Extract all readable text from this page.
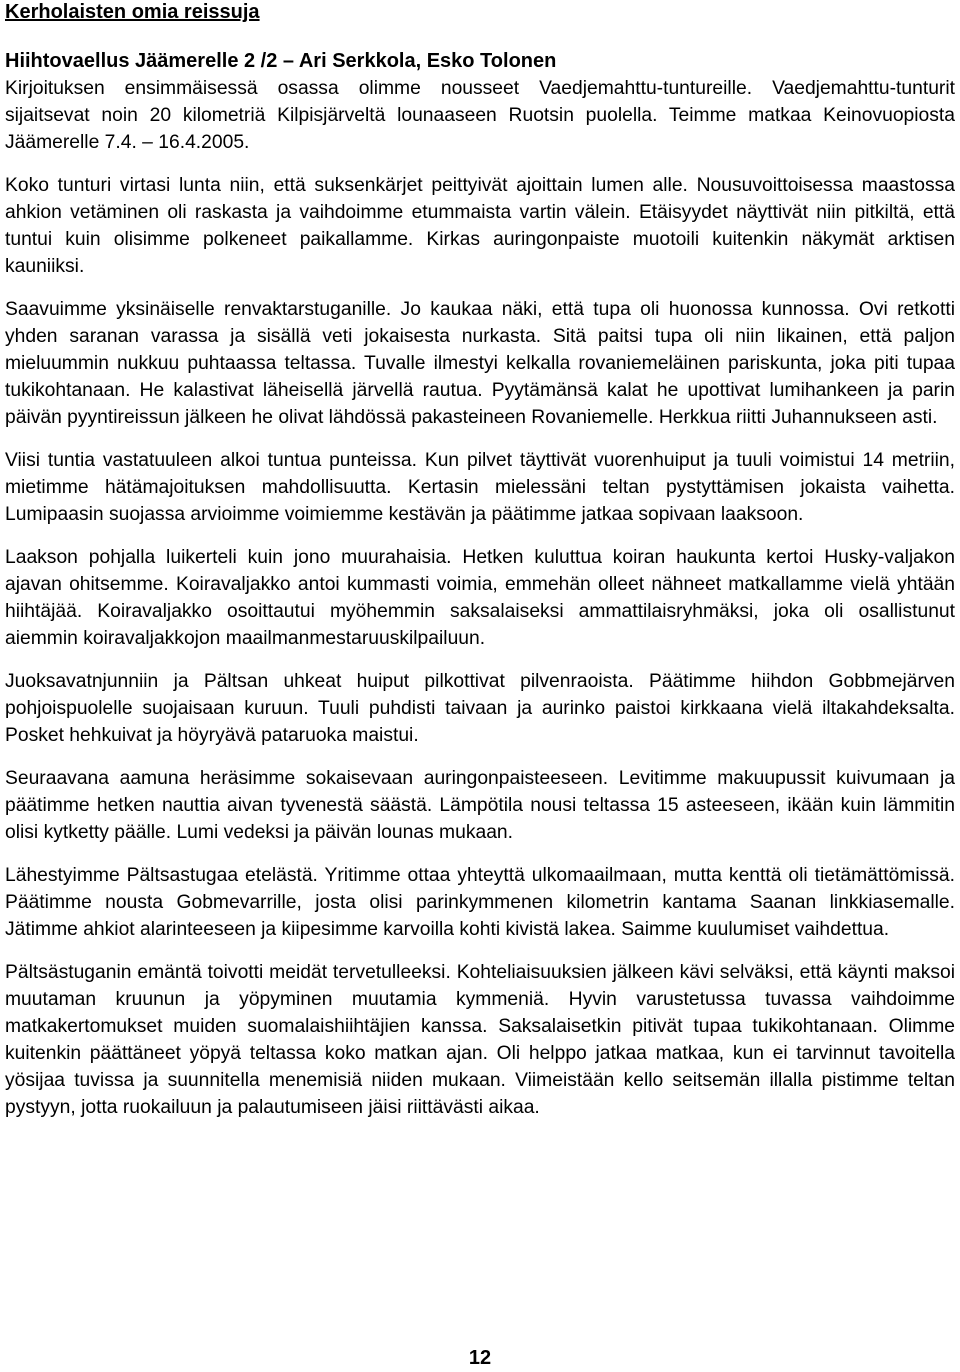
Kerholaisten omia reissuja
Hiihtovaellus Jäämerelle 2 /2 – Ari Serkkola, Esko Tolonen

Kirjoituksen ensimmäisessä osassa olimme nousseet Vaedjemahttu-tuntureille. Vaedjemahttu-tunturit sijaitsevat noin 20 kilometriä Kilpisjärveltä lounaaseen Ruotsin puolella. Teimme matkaa Keinovuopiosta Jäämerelle 7.4. – 16.4.2005.

Koko tunturi virtasi lunta niin, että suksenkärjet peittyivät ajoittain lumen alle. Nousuvoittoisessa maastossa ahkion vetäminen oli raskasta ja vaihdoimme etummaista vartin välein. Etäisyydet näyttivät niin pitkiltä, että tuntui kuin olisimme polkeneet paikallamme. Kirkas auringonpaiste muotoili kuitenkin näkymät arktisen kauniiksi.

Saavuimme yksinäiselle renvaktarstuganille. Jo kaukaa näki, että tupa oli huonossa kunnossa. Ovi retkotti yhden saranan varassa ja sisällä veti jokaisesta nurkasta. Sitä paitsi tupa oli niin likainen, että paljon mieluummin nukkuu puhtaassa teltassa. Tuvalle ilmestyi kelkalla rovaniemeläinen pariskunta, joka piti tupaa tukikohtanaan. He kalastivat läheisellä järvellä rautua. Pyytämänsä kalat he upottivat lumihankeen ja parin päivän pyyntireissun jälkeen he olivat lähdössä pakasteineen Rovaniemelle. Herkkua riitti Juhannukseen asti.

Viisi tuntia vastatuuleen alkoi tuntua punteissa. Kun pilvet täyttivät vuorenhuiput ja tuuli voimistui 14 metriin, mietimme hätämajoituksen mahdollisuutta. Kertasin mielessäni teltan pystyttämisen jokaista vaihetta. Lumipaasin suojassa arvioimme voimiemme kestävän ja päätimme jatkaa sopivaan laaksoon.

Laakson pohjalla luikerteli kuin jono muurahaisia. Hetken kuluttua koiran haukunta kertoi Husky-valjakon ajavan ohitsemme. Koiravaljakko antoi kummasti voimia, emmehän olleet nähneet matkallamme vielä yhtään hiihtäjää. Koiravaljakko osoittautui myöhemmin saksalaiseksi ammattilaisryhmäksi, joka oli osallistunut aiemmin koiravaljakkojon maailmanmestaruuskilpailuun.

Juoksavatnjunniin ja Pältsan uhkeat huiput pilkottivat pilvenraoista. Päätimme hiihdon Gobbmejärven pohjoispuolelle suojaisaan kuruun. Tuuli puhdisti taivaan ja aurinko paistoi kirkkaana vielä iltakahdeksalta. Posket hehkuivat ja höyryävä pataruoka maistui.

Seuraavana aamuna heräsimme sokaisevaan auringonpaisteeseen. Levitimme makuupussit kuivumaan ja päätimme hetken nauttia aivan tyvenestä säästä. Lämpötila nousi teltassa 15 asteeseen, ikään kuin lämmitin olisi kytketty päälle. Lumi vedeksi ja päivän lounas mukaan.

Lähestyimme Pältsastugaa etelästä. Yritimme ottaa yhteyttä ulkomaailmaan, mutta kenttä oli tietämättömissä. Päätimme nousta Gobmevarrille, josta olisi parinkymmenen kilometrin kantama Saanan linkkiasemalle. Jätimme ahkiot alarinteeseen ja kiipesimme karvoilla kohti kivistä lakea. Saimme kuulumiset vaihdettua.

Pältsästuganin emäntä toivotti meidät tervetulleeksi. Kohteliaisuuksien jälkeen kävi selväksi, että käynti maksoi muutaman kruunun ja yöpyminen muutamia kymmeniä. Hyvin varustetussa tuvassa vaihdoimme matkakertomukset muiden suomalaishiihtäjien kanssa. Saksalaisetkin pitivät tupaa tukikohtanaan. Olimme kuitenkin päättäneet yöpyä teltassa koko matkan ajan. Oli helppo jatkaa matkaa, kun ei tarvinnut tavoitella yösijaa tuvissa ja suunnitella menemisiä niiden mukaan. Viimeistään kello seitsemän illalla pistimme teltan pystyyn, jotta ruokailuun ja palautumiseen jäisi riittävästi aikaa.

12
